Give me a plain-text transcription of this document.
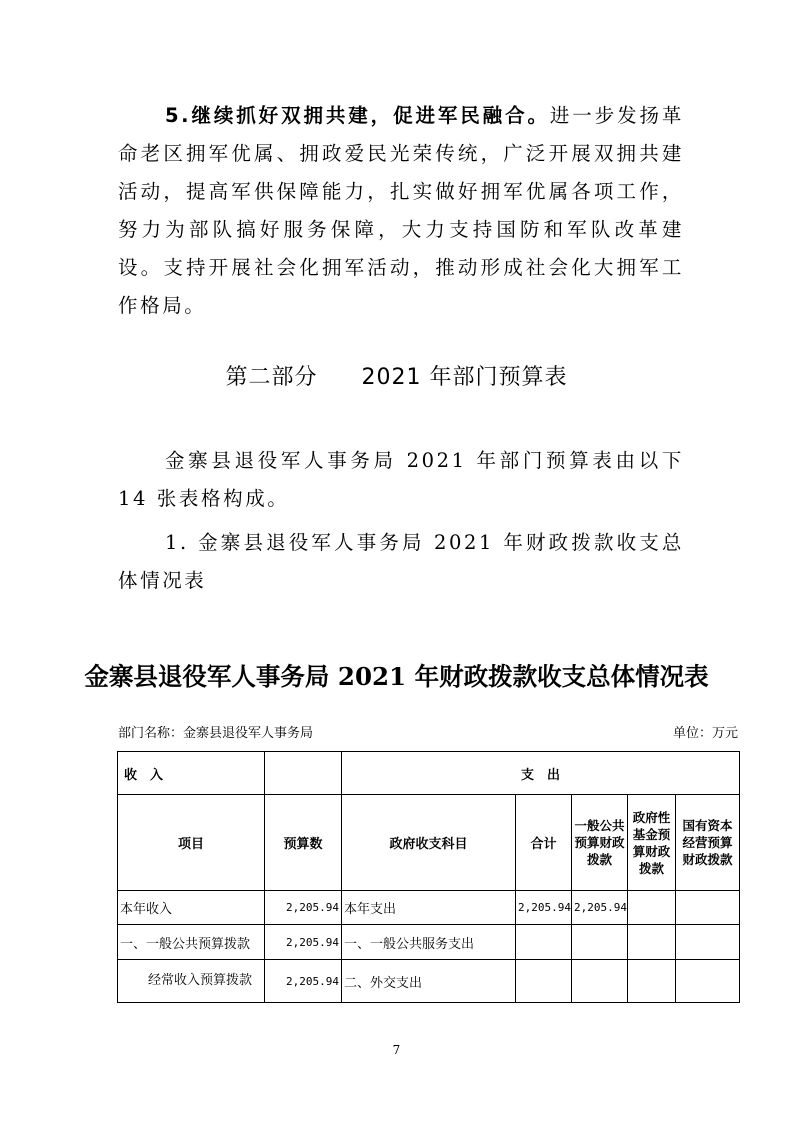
5.继续抓好双拥共建，促进军民融合。进一步发扬革命老区拥军优属、拥政爱民光荣传统，广泛开展双拥共建活动，提高军供保障能力，扎实做好拥军优属各项工作，努力为部队搞好服务保障，大力支持国防和军队改革建设。支持开展社会化拥军活动，推动形成社会化大拥军工作格局。
第二部分 2021 年部门预算表
金寨县退役军人事务局 2021 年部门预算表由以下 14 张表格构成。
1. 金寨县退役军人事务局 2021 年财政拨款收支总体情况表
金寨县退役军人事务局 2021 年财政拨款收支总体情况表
部门名称：金寨县退役军人事务局	单位：万元
收　入		支　出				
项目	预算数	政府收支科目	合计	一般公共预算财政拨款	政府性基金预算财政拨款	国有资本经营预算财政拨款
本年收入	2,205.94	本年支出	2,205.94	2,205.94		
一、一般公共预算拨款	2,205.94	一、一般公共服务支出				
经常收入预算拨款	2,205.94	二、外交支出				
7
